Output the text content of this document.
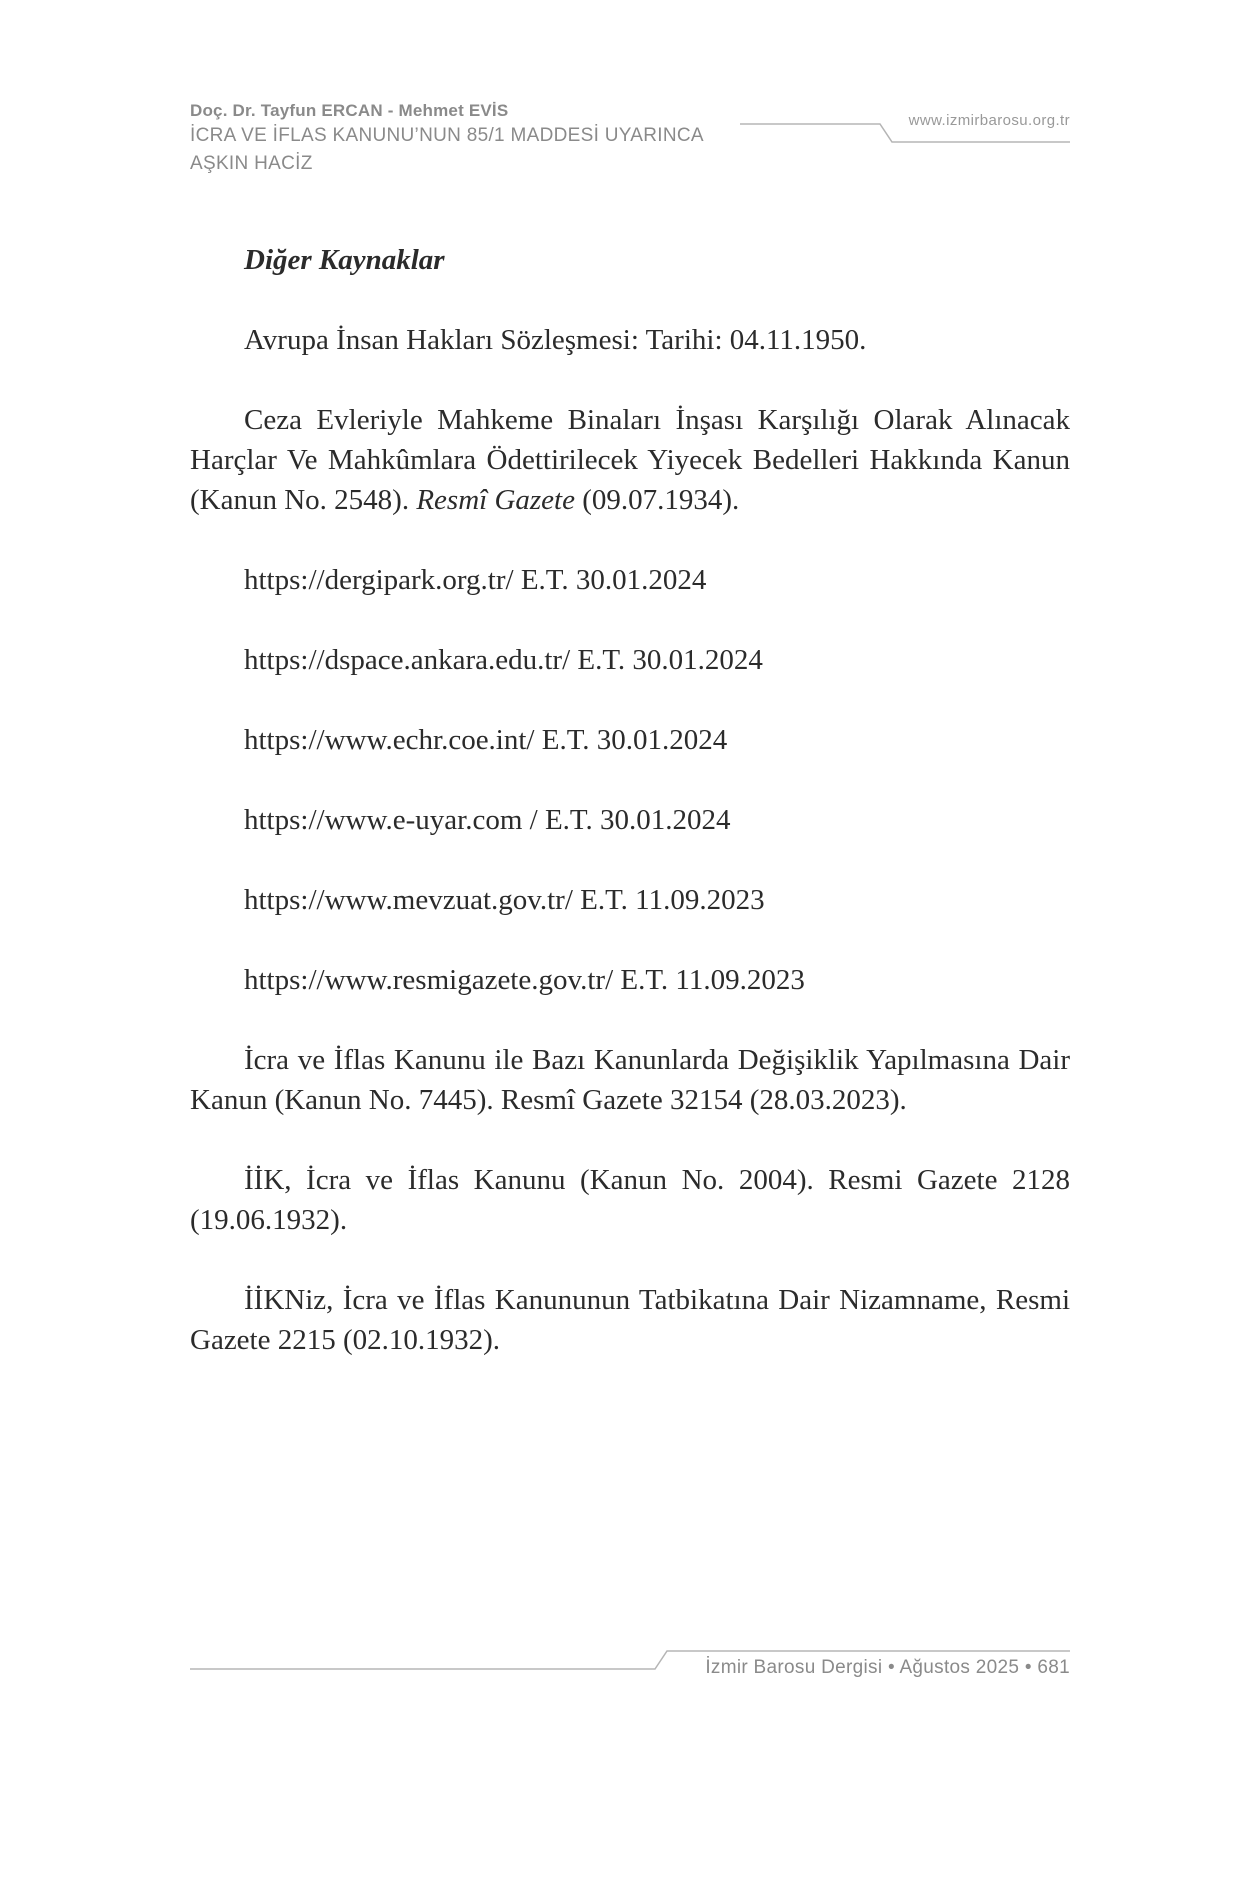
Doç. Dr. Tayfun ERCAN - Mehmet EVİS
İCRA VE İFLAS KANUNU’NUN 85/1 MADDESİ UYARINCA
AŞKIN HACİZ
www.izmirbarosu.org.tr
Diğer Kaynaklar

Avrupa İnsan Hakları Sözleşmesi: Tarihi: 04.11.1950.

Ceza Evleriyle Mahkeme Binaları İnşası Karşılığı Olarak Alınacak Harçlar Ve Mahkûmlara Ödettirilecek Yiyecek Bedelleri Hakkında Kanun (Kanun No. 2548). Resmî Gazete (09.07.1934).

https://dergipark.org.tr/ E.T. 30.01.2024

https://dspace.ankara.edu.tr/ E.T. 30.01.2024

https://www.echr.coe.int/ E.T. 30.01.2024

https://www.e-uyar.com / E.T. 30.01.2024

https://www.mevzuat.gov.tr/ E.T. 11.09.2023

https://www.resmigazete.gov.tr/ E.T. 11.09.2023

İcra ve İflas Kanunu ile Bazı Kanunlarda Değişiklik Yapılmasına Dair Kanun (Kanun No. 7445). Resmî Gazete 32154 (28.03.2023).

İİK, İcra ve İflas Kanunu (Kanun No. 2004). Resmi Gazete 2128 (19.06.1932).

İİKNiz, İcra ve İflas Kanununun Tatbikatına Dair Nizamname, Resmi Gazete 2215 (02.10.1932).

İzmir Barosu Dergisi • Ağustos 2025 • 681
